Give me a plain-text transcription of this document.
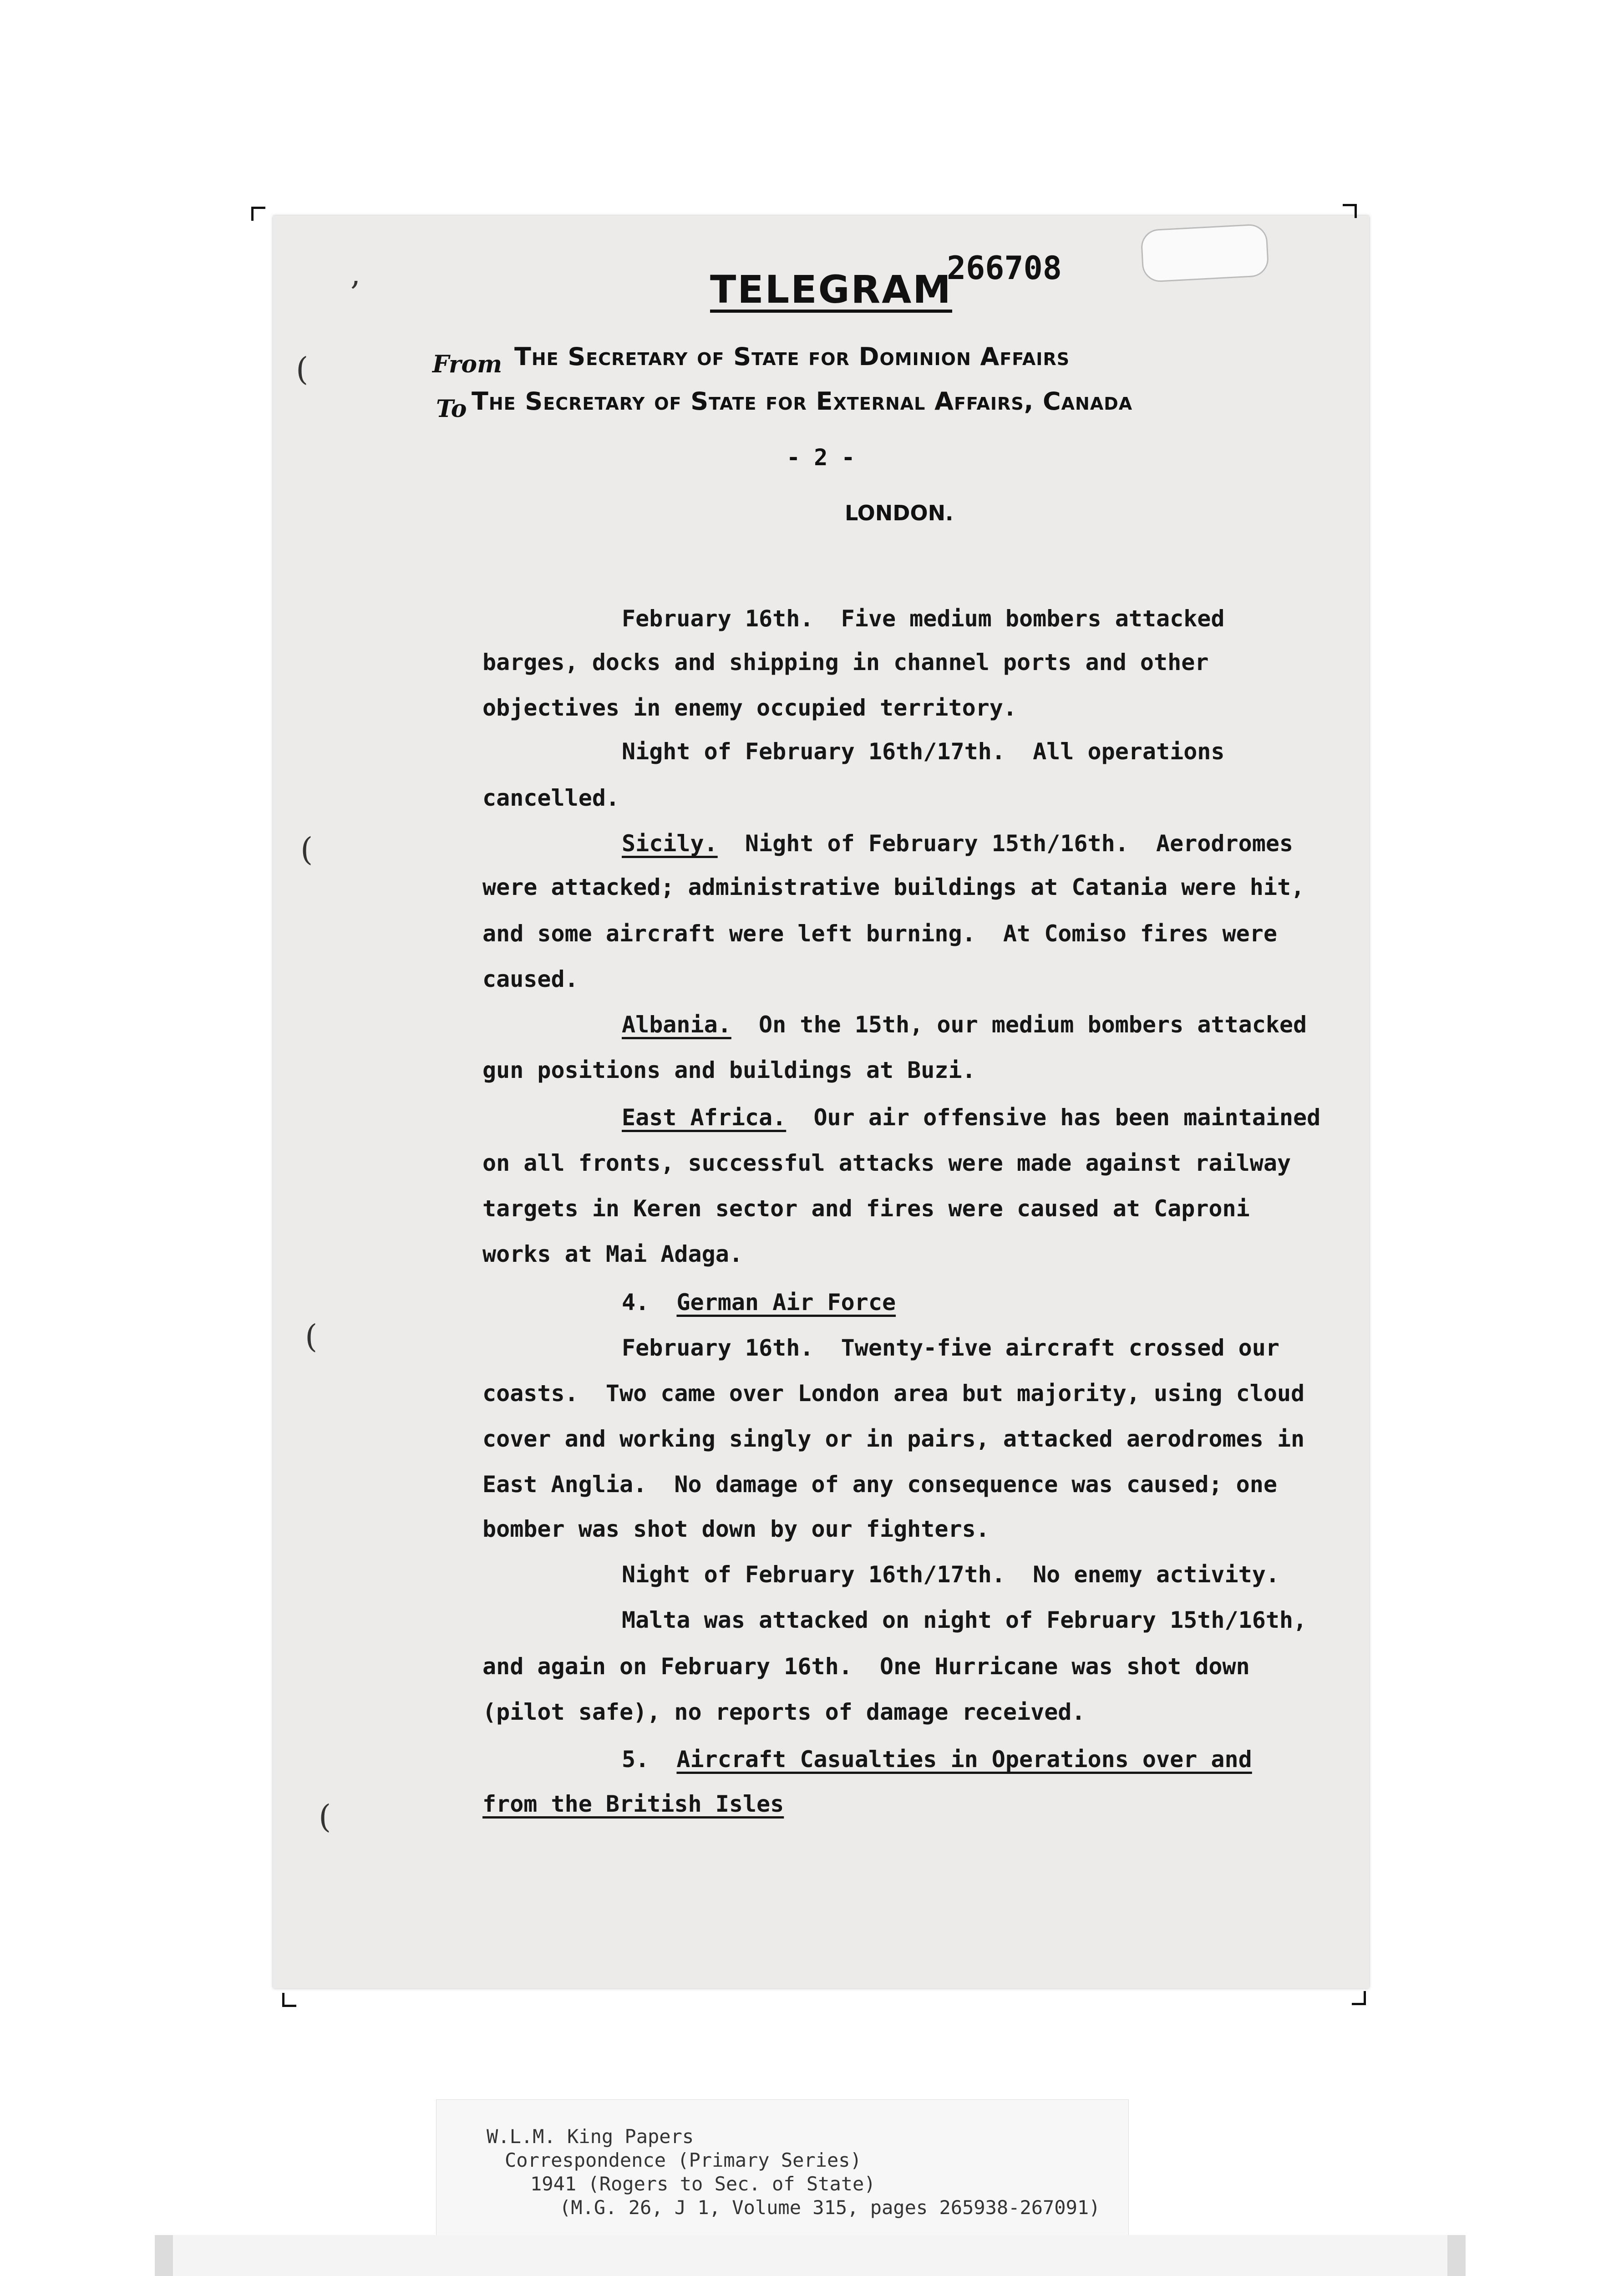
,
(
(
(
(
TELEGRAM
266708
From The Secretary of State for Dominion Affairs
To The Secretary of State for External Affairs, Canada
- 2 -
LONDON.
February 16th.  Five medium bombers attacked
barges, docks and shipping in channel ports and other
objectives in enemy occupied territory.
Night of February 16th/17th.  All operations
cancelled.
Sicily.  Night of February 15th/16th.  Aerodromes
were attacked; administrative buildings at Catania were hit,
and some aircraft were left burning.  At Comiso fires were
caused.
Albania.  On the 15th, our medium bombers attacked
gun positions and buildings at Buzi.
East Africa.  Our air offensive has been maintained
on all fronts, successful attacks were made against railway
targets in Keren sector and fires were caused at Caproni
works at Mai Adaga.
4.  German Air Force
February 16th.  Twenty-five aircraft crossed our
coasts.  Two came over London area but majority, using cloud
cover and working singly or in pairs, attacked aerodromes in
East Anglia.  No damage of any consequence was caused; one
bomber was shot down by our fighters.
Night of February 16th/17th.  No enemy activity.
Malta was attacked on night of February 15th/16th,
and again on February 16th.  One Hurricane was shot down
(pilot safe), no reports of damage received.
5.  Aircraft Casualties in Operations over and
from the British Isles
W.L.M. King Papers
Correspondence (Primary Series)
1941 (Rogers to Sec. of State)
(M.G. 26, J 1, Volume 315, pages 265938-267091)
